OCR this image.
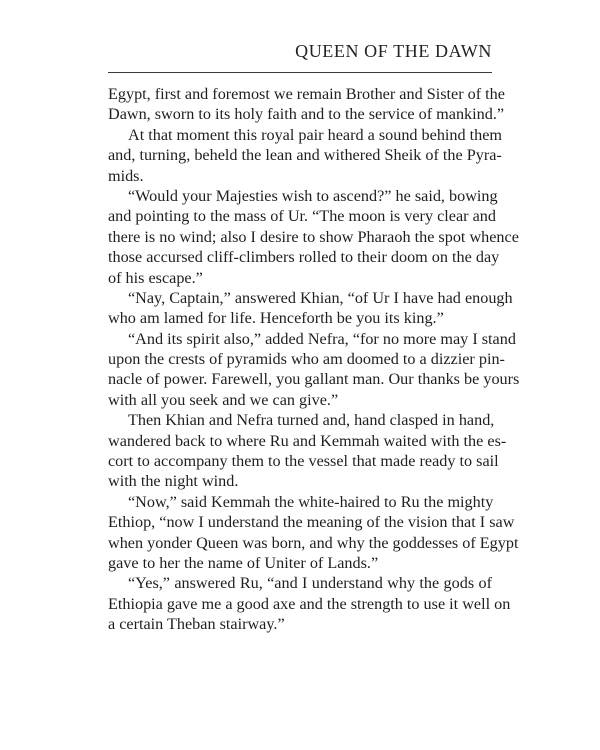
QUEEN OF THE DAWN
Egypt, first and foremost we remain Brother and Sister of the
Dawn, sworn to its holy faith and to the service of mankind.”
At that moment this royal pair heard a sound behind them
and, turning, beheld the lean and withered Sheik of the Pyra-
mids.
“Would your Majesties wish to ascend?” he said, bowing
and pointing to the mass of Ur. “The moon is very clear and
there is no wind; also I desire to show Pharaoh the spot whence
those accursed cliff-climbers rolled to their doom on the day
of his escape.”
“Nay, Captain,” answered Khian, “of Ur I have had enough
who am lamed for life. Henceforth be you its king.”
“And its spirit also,” added Nefra, “for no more may I stand
upon the crests of pyramids who am doomed to a dizzier pin-
nacle of power. Farewell, you gallant man. Our thanks be yours
with all you seek and we can give.”
Then Khian and Nefra turned and, hand clasped in hand,
wandered back to where Ru and Kemmah waited with the es-
cort to accompany them to the vessel that made ready to sail
with the night wind.
“Now,” said Kemmah the white-haired to Ru the mighty
Ethiop, “now I understand the meaning of the vision that I saw
when yonder Queen was born, and why the goddesses of Egypt
gave to her the name of Uniter of Lands.”
“Yes,” answered Ru, “and I understand why the gods of
Ethiopia gave me a good axe and the strength to use it well on
a certain Theban stairway.”
